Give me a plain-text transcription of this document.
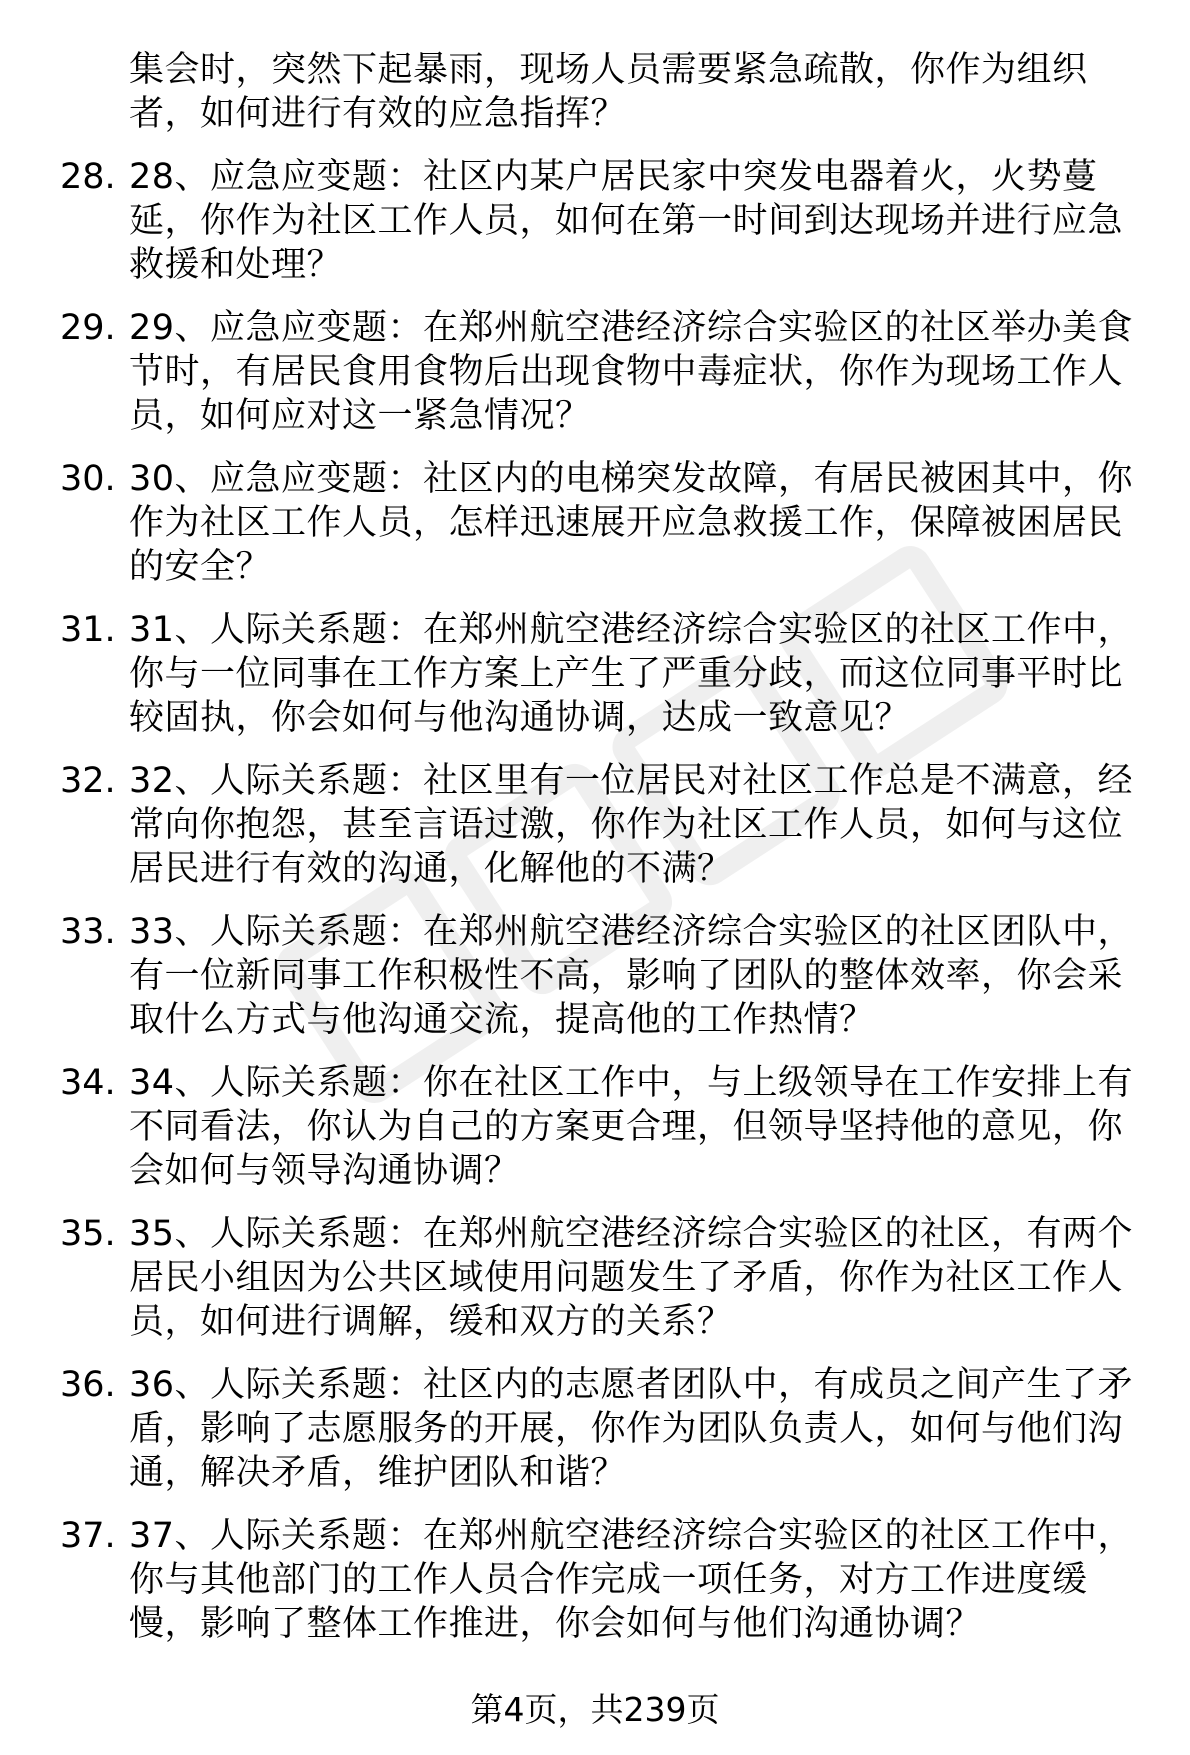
集会时，突然下起暴雨，现场人员需要紧急疏散，你作为组织者，如何进行有效的应急指挥？
28. 28、应急应变题：社区内某户居民家中突发电器着火，火势蔓延，你作为社区工作人员，如何在第一时间到达现场并进行应急救援和处理？
29. 29、应急应变题：在郑州航空港经济综合实验区的社区举办美食节时，有居民食用食物后出现食物中毒症状，你作为现场工作人员，如何应对这一紧急情况？
30. 30、应急应变题：社区内的电梯突发故障，有居民被困其中，你作为社区工作人员，怎样迅速展开应急救援工作，保障被困居民的安全？
31. 31、人际关系题：在郑州航空港经济综合实验区的社区工作中，你与一位同事在工作方案上产生了严重分歧，而这位同事平时比较固执，你会如何与他沟通协调，达成一致意见？
32. 32、人际关系题：社区里有一位居民对社区工作总是不满意，经常向你抱怨，甚至言语过激，你作为社区工作人员，如何与这位居民进行有效的沟通，化解他的不满？
33. 33、人际关系题：在郑州航空港经济综合实验区的社区团队中，有一位新同事工作积极性不高，影响了团队的整体效率，你会采取什么方式与他沟通交流，提高他的工作热情？
34. 34、人际关系题：你在社区工作中，与上级领导在工作安排上有不同看法，你认为自己的方案更合理，但领导坚持他的意见，你会如何与领导沟通协调？
35. 35、人际关系题：在郑州航空港经济综合实验区的社区，有两个居民小组因为公共区域使用问题发生了矛盾，你作为社区工作人员，如何进行调解，缓和双方的关系？
36. 36、人际关系题：社区内的志愿者团队中，有成员之间产生了矛盾，影响了志愿服务的开展，你作为团队负责人，如何与他们沟通，解决矛盾，维护团队和谐？
37. 37、人际关系题：在郑州航空港经济综合实验区的社区工作中，你与其他部门的工作人员合作完成一项任务，对方工作进度缓慢，影响了整体工作推进，你会如何与他们沟通协调？
第4页，共239页
